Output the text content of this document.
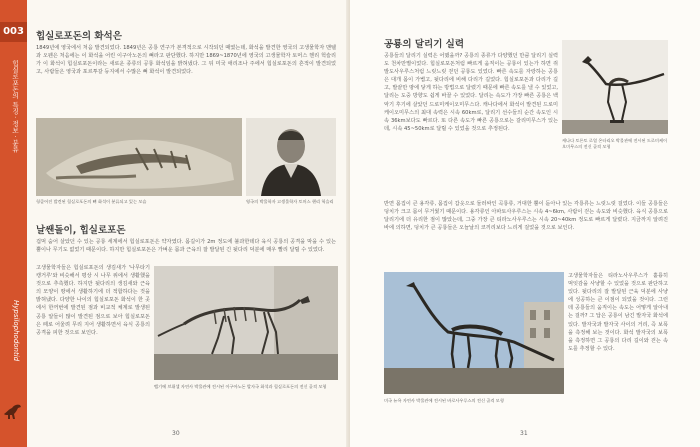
003
힙실로포돈의 특징 · 정보 · 분류
Hypsilophodontid
힙실로포돈의 화석은
1849년에 영국에서 처음 발견되었다. 1849년은 공룡 연구가 본격적으로 시작되던 때였는데, 화석을 발견한 영국의 고생물학자 맨텔과 오웬은 처음에는 이 화석을 어린 이구아노돈의 뼈라고 판단했다. 하지만 1869~1870년에 영국의 고생물학자 토머스 헨리 헉슬리가 이 화석이 힙실로포돈이라는 새로운 종류의 공룡 화석임을 밝혀냈다. 그 뒤 미국 애리조나 주에서 힙실로포돈의 흔적이 발견되었고, 사람들은 영국과 포르투갈 등지에서 수많은 뼈 화석이 발견되었다.
헝클어진 발견된 힙실로포돈의 뼈 화석이 분류되고 있는 모습	영국의 박물학자 고생물학자 토머스 헨리 헉슬리
날쌘돌이, 힙실로포돈
겁먹 숨어 살았던 수 있는 공룡 세계에서 힙실로포돈은 약자였다. 몸길이가 2m 정도에 불과한데다 육식 공룡의 공격을 막을 수 있는 뿔이나 무기도 없었기 때문이다. 하지만 힙실로포돈은 가벼운 몸과 근육의 잘 발달된 긴 뒷다리 덕분에 매우 빨리 달릴 수 있었다.
고생물학자들은 힙실로포돈의 생김새가 '나무타기캥거루'와 비슷해서 평상 시 나무 위에서 생활했을 것으로 추측했다. 하지만 뒷다리의 생김새와 근육의 모양이 땅에서 생활하기에 더 적합하다는 것을 밝혀냈다. 다양한 나이의 힙실로포돈 화석이 한 곳에서 한꺼번에 발견된 점과 비교적 체계로 발생된 공룡 알들이 많이 발견된 점으로 보아 힙실로포돈은 떼로 어울려 무리 지어 생활하면서 육식 공룡의 공격을 피한 것으로 보인다.
벨기에 브뤼셀 자연사 박물관에 전시된 이구아노돈 발자국 화석과 힙실로포돈의 전신 골격 모형
30
공룡의 달리기 실력
공룡들의 달리기 실력은 어땠을까? 공룡의 종류가 다양했던 만큼 달리기 실력도 천차만별이었다. 힙실로포돈처럼 빠르게 움직이는 공룡이 있는가 하면 쥐 발도사우루스처럼 느릿느릿 걷던 공룡도 있었다. 빠른 속도를 자랑하는 공룡은 대개 몸이 가볍고, 뒷다리에 비해 다리가 길었다. 힙실로포돈과 다리가 길고, 발끝만 땅에 닿게 하는 방법으로 달렸기 때문에 빠른 속도를 낼 수 있었고, 달리는 도중 방향도 쉽게 바꿀 수 있었다. 달리는 속도가 가장 빠른 공룡은 백악기 후기에 살았던 드로미케이오미무스다. 캐나다에서 화석이 발견된 드로미케이오미무스의 최대 속력은 시속 60km로, 달리기 선수들의 순간 속도인 시속 36km보다도 빠르다. 또 다른 속도가 빠른 공룡으로는 갈리미무스가 있는데, 시속 45~50km로 달릴 수 있었을 것으로 추정된다.
캐나다 토론토 로열 온타리오 박물관에 전시된 드로미케이오미무스의 전신 골격 모형
반면 몸집이 큰 용각류, 몸집이 갑옷으로 둘러싸인 곡룡류, 거대한 뿔이 돋아나 있는 각룡류는 느릿느릿 걸었다. 이들 공룡들은 덩치가 크고 몸이 무거웠기 때문이다. 용각류인 아파토사우루스는 시속 4~6km, 사람이 걷는 속도와 비슷했다. 육식 공룡으로 달리기에 더 유리한 점이 많았는데, 그중 가장 큰 티라노사우루스는 시속 20~40km 정도로 빠르게 달렸다. 지금까지 알려진 바에 의하면, 덩치가 큰 공룡들은 오늘날의 코끼리보다 느리게 걸었을 것으로 보인다.
미국 뉴욕 자연사 박물관에 전시된 바로사우루스의 전신 골격 모형
고생물학자들은 티라노사우루스가 훌륭히 먹잇감을 사냥할 수 있었을 것으로 판단하고 있다. 뒷다리의 잘 발달된 근육 덕분에 사냥에 성공하는 큰 이점이 되었을 것이다. 그런데 공룡들의 움직이는 속도는 어떻게 알아내는 걸까? 그 답은 공룡이 남긴 발자국 화석에 있다. 발자국과 발자국 사이의 거리, 즉 보폭을 측정해 보는 것이다. 화석 발자국의 보폭을 측정하면 그 공룡의 다리 길이와 걷는 속도를 추정할 수 있다.
31
